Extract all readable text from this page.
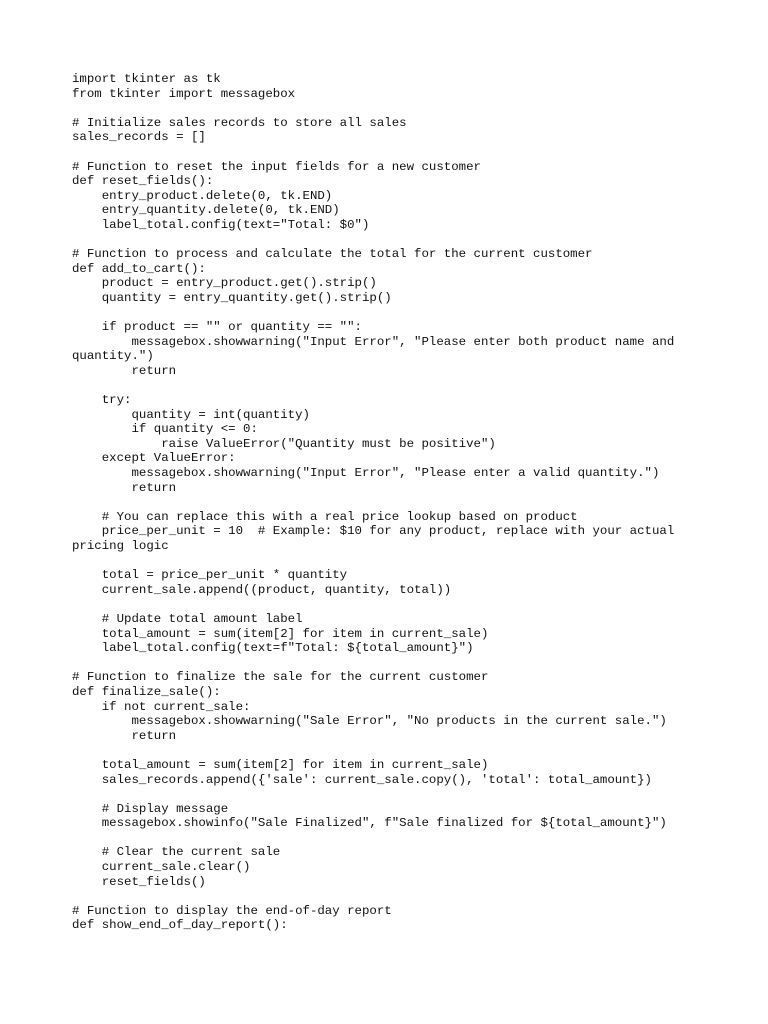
import tkinter as tk
from tkinter import messagebox

# Initialize sales records to store all sales
sales_records = []

# Function to reset the input fields for a new customer
def reset_fields():
entry_product.delete(0, tk.END)
entry_quantity.delete(0, tk.END)
label_total.config(text="Total: $0")

# Function to process and calculate the total for the current customer
def add_to_cart():
product = entry_product.get().strip()
quantity = entry_quantity.get().strip()

if product == "" or quantity == "":
messagebox.showwarning("Input Error", "Please enter both product name and
quantity.")
return

try:
quantity = int(quantity)
if quantity <= 0:
raise ValueError("Quantity must be positive")
except ValueError:
messagebox.showwarning("Input Error", "Please enter a valid quantity.")
return

# You can replace this with a real price lookup based on product
price_per_unit = 10  # Example: $10 for any product, replace with your actual
pricing logic

total = price_per_unit * quantity
current_sale.append((product, quantity, total))

# Update total amount label
total_amount = sum(item[2] for item in current_sale)
label_total.config(text=f"Total: ${total_amount}")

# Function to finalize the sale for the current customer
def finalize_sale():
if not current_sale:
messagebox.showwarning("Sale Error", "No products in the current sale.")
return

total_amount = sum(item[2] for item in current_sale)
sales_records.append({'sale': current_sale.copy(), 'total': total_amount})

# Display message
messagebox.showinfo("Sale Finalized", f"Sale finalized for ${total_amount}")

# Clear the current sale
current_sale.clear()
reset_fields()

# Function to display the end-of-day report
def show_end_of_day_report():
